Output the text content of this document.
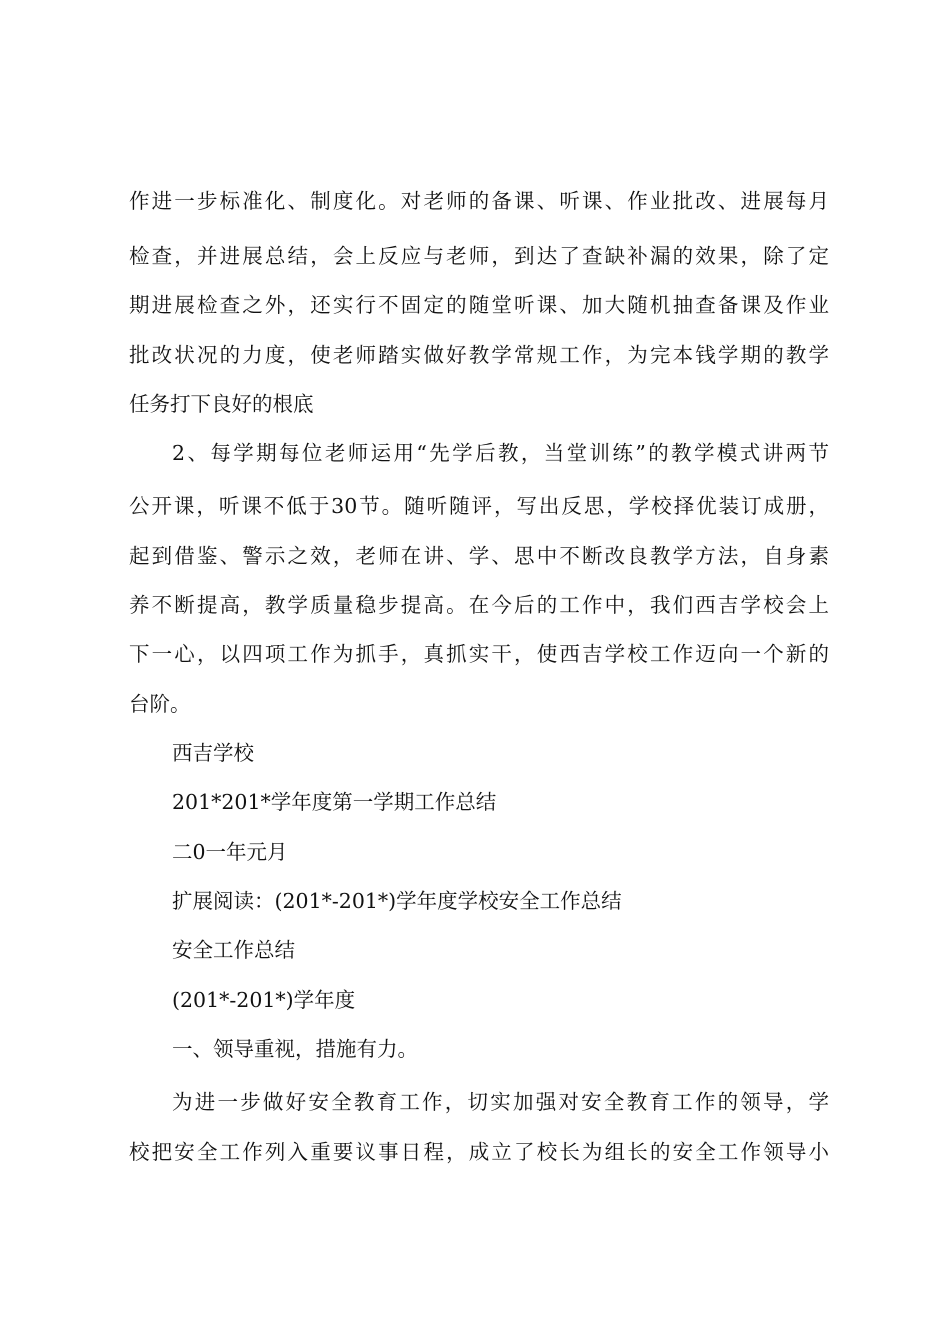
作进一步标准化、制度化。对老师的备课、听课、作业批改、进展每月
检查，并进展总结，会上反应与老师，到达了查缺补漏的效果，除了定
期进展检查之外，还实行不固定的随堂听课、加大随机抽查备课及作业
批改状况的力度，使老师踏实做好教学常规工作，为完本钱学期的教学
任务打下良好的根底
2、每学期每位老师运用“先学后教，当堂训练”的教学模式讲两节
公开课，听课不低于30节。随听随评，写出反思，学校择优装订成册，
起到借鉴、警示之效，老师在讲、学、思中不断改良教学方法，自身素
养不断提高，教学质量稳步提高。在今后的工作中，我们西吉学校会上
下一心，以四项工作为抓手，真抓实干，使西吉学校工作迈向一个新的
台阶。
西吉学校
201*201*学年度第一学期工作总结
二0一年元月
扩展阅读：(201*-201*)学年度学校安全工作总结
安全工作总结
(201*-201*)学年度
一、领导重视，措施有力。
为进一步做好安全教育工作，切实加强对安全教育工作的领导，学
校把安全工作列入重要议事日程，成立了校长为组长的安全工作领导小
